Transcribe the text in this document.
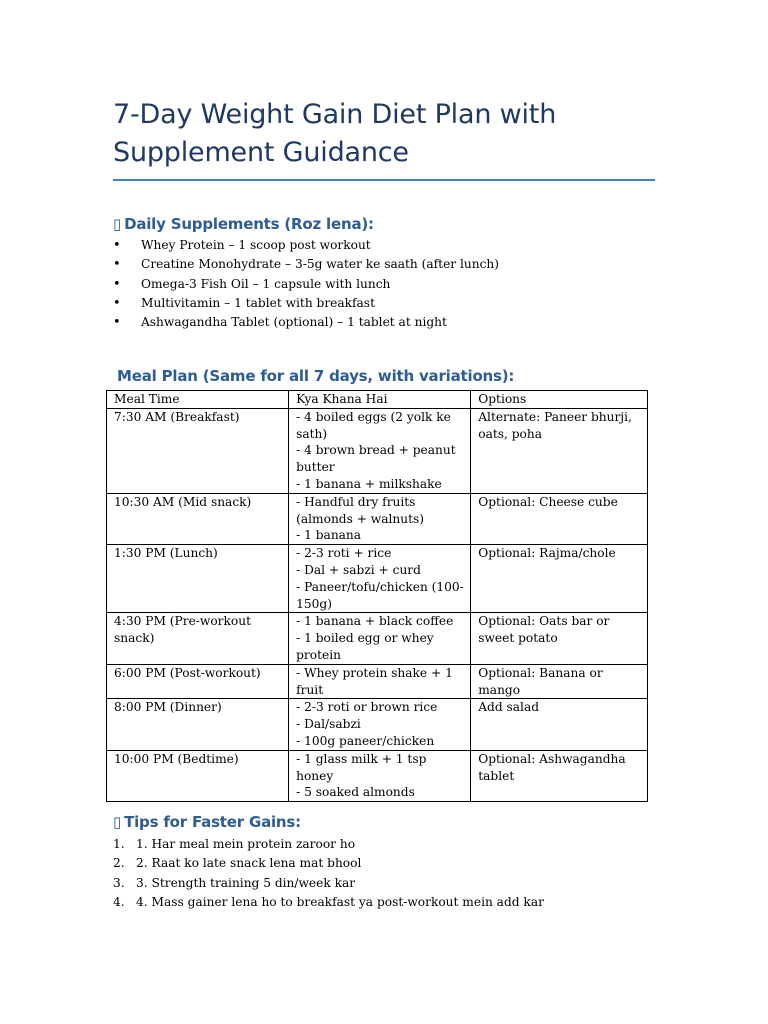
7-Day Weight Gain Diet Plan with Supplement Guidance
▯ Daily Supplements (Roz lena):
• Whey Protein – 1 scoop post workout
• Creatine Monohydrate – 3-5g water ke saath (after lunch)
• Omega-3 Fish Oil – 1 capsule with lunch
• Multivitamin – 1 tablet with breakfast
• Ashwagandha Tablet (optional) – 1 tablet at night
Meal Plan (Same for all 7 days, with variations):
Meal Time	Kya Khana Hai	Options
7:30 AM (Breakfast)	- 4 boiled eggs (2 yolk ke sath)
- 4 brown bread + peanut butter
- 1 banana + milkshake	Alternate: Paneer bhurji, oats, poha
10:30 AM (Mid snack)	- Handful dry fruits (almonds + walnuts)
- 1 banana	Optional: Cheese cube
1:30 PM (Lunch)	- 2-3 roti + rice
- Dal + sabzi + curd
- Paneer/tofu/chicken (100-150g)	Optional: Rajma/chole
4:30 PM (Pre-workout snack)	- 1 banana + black coffee
- 1 boiled egg or whey protein	Optional: Oats bar or sweet potato
6:00 PM (Post-workout)	- Whey protein shake + 1 fruit	Optional: Banana or mango
8:00 PM (Dinner)	- 2-3 roti or brown rice
- Dal/sabzi
- 100g paneer/chicken	Add salad
10:00 PM (Bedtime)	- 1 glass milk + 1 tsp honey
- 5 soaked almonds	Optional: Ashwagandha tablet
▯ Tips for Faster Gains:
1. 1. Har meal mein protein zaroor ho
2. 2. Raat ko late snack lena mat bhool
3. 3. Strength training 5 din/week kar
4. 4. Mass gainer lena ho to breakfast ya post-workout mein add kar
